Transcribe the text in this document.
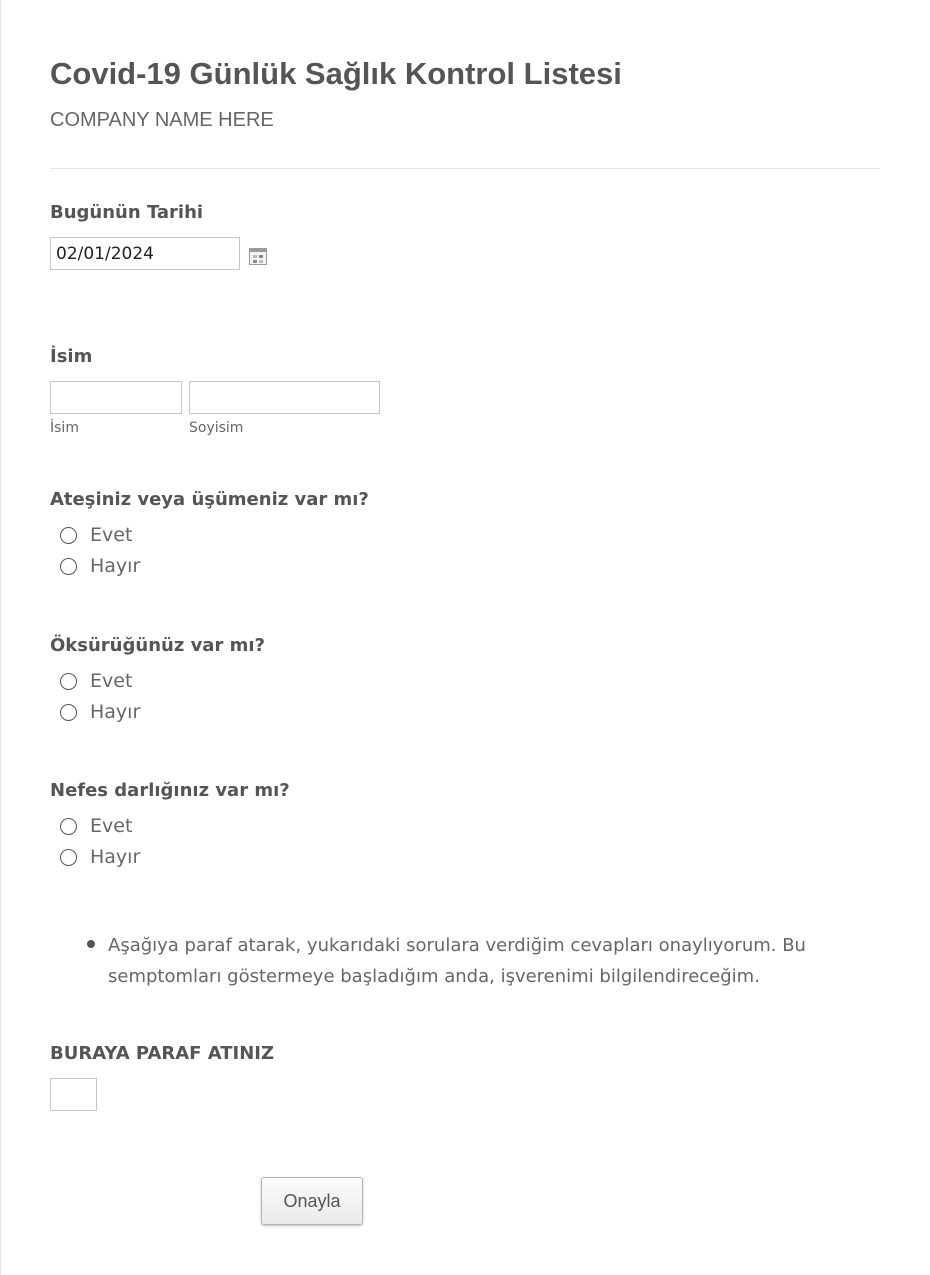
Covid-19 Günlük Sağlık Kontrol Listesi
COMPANY NAME HERE
Bugünün Tarihi
02/01/2024
İsim
İsim	Soyisim
Ateşiniz veya üşümeniz var mı?
Evet
Hayır
Öksürüğünüz var mı?
Evet
Hayır
Nefes darlığınız var mı?
Evet
Hayır
Aşağıya paraf atarak, yukarıdaki sorulara verdiğim cevapları onaylıyorum. Bu semptomları göstermeye başladığım anda, işverenimi bilgilendireceğim.
BURAYA PARAF ATINIZ
Onayla
